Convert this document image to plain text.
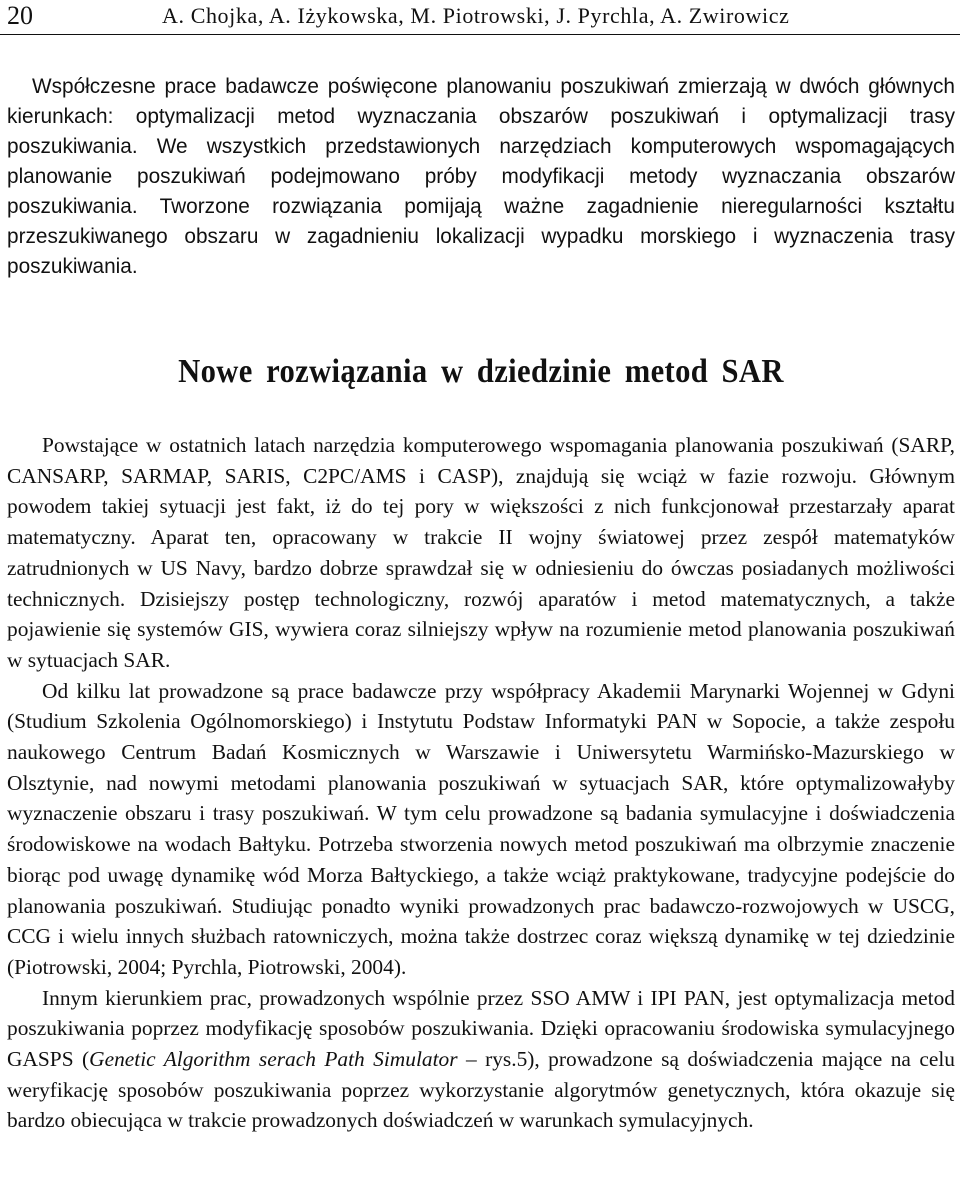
20	A. Chojka, A. Iżykowska, M. Piotrowski, J. Pyrchla, A. Zwirowicz

Współczesne prace badawcze poświęcone planowaniu poszukiwań zmierzają w dwóch głównych kierunkach: optymalizacji metod wyznaczania obszarów poszukiwań i optymalizacji trasy poszukiwania. We wszystkich przedstawionych narzędziach komputerowych wspomagających planowanie poszukiwań podejmowano próby modyfikacji metody wyznaczania obszarów poszukiwania. Tworzone rozwiązania pomijają ważne zagadnienie nieregularności kształtu przeszukiwanego obszaru w zagadnieniu lokalizacji wypadku morskiego i wyznaczenia trasy poszukiwania.

Nowe rozwiązania w dziedzinie metod SAR

Powstające w ostatnich latach narzędzia komputerowego wspomagania planowania poszukiwań (SARP, CANSARP, SARMAP, SARIS, C2PC/AMS i CASP), znajdują się wciąż w fazie rozwoju. Głównym powodem takiej sytuacji jest fakt, iż do tej pory w większości z nich funkcjonował przestarzały aparat matematyczny. Aparat ten, opracowany w trakcie II wojny światowej przez zespół matematyków zatrudnionych w US Navy, bardzo dobrze sprawdzał się w odniesieniu do ówczas posiadanych możliwości technicznych. Dzisiejszy postęp technologiczny, rozwój aparatów i metod matematycznych, a także pojawienie się systemów GIS, wywiera coraz silniejszy wpływ na rozumienie metod planowania poszukiwań w sytuacjach SAR.

Od kilku lat prowadzone są prace badawcze przy współpracy Akademii Marynarki Wojennej w Gdyni (Studium Szkolenia Ogólnomorskiego) i Instytutu Podstaw Informatyki PAN w Sopocie, a także zespołu naukowego Centrum Badań Kosmicznych w Warszawie i Uniwersytetu Warmińsko-Mazurskiego w Olsztynie, nad nowymi metodami planowania poszukiwań w sytuacjach SAR, które optymalizowałyby wyznaczenie obszaru i trasy poszukiwań. W tym celu prowadzone są badania symulacyjne i doświadczenia środowiskowe na wodach Bałtyku. Potrzeba stworzenia nowych metod poszukiwań ma olbrzymie znaczenie biorąc pod uwagę dynamikę wód Morza Bałtyckiego, a także wciąż praktykowane, tradycyjne podejście do planowania poszukiwań. Studiując ponadto wyniki prowadzonych prac badawczo-rozwojowych w USCG, CCG i wielu innych służbach ratowniczych, można także dostrzec coraz większą dynamikę w tej dziedzinie (Piotrowski, 2004; Pyrchla, Piotrowski, 2004).

Innym kierunkiem prac, prowadzonych wspólnie przez SSO AMW i IPI PAN, jest optymalizacja metod poszukiwania poprzez modyfikację sposobów poszukiwania. Dzięki opracowaniu środowiska symulacyjnego GASPS (Genetic Algorithm serach Path Simulator – rys.5), prowadzone są doświadczenia mające na celu weryfikację sposobów poszukiwania poprzez wykorzystanie algorytmów genetycznych, która okazuje się bardzo obiecująca w trakcie prowadzonych doświadczeń w warunkach symulacyjnych.
